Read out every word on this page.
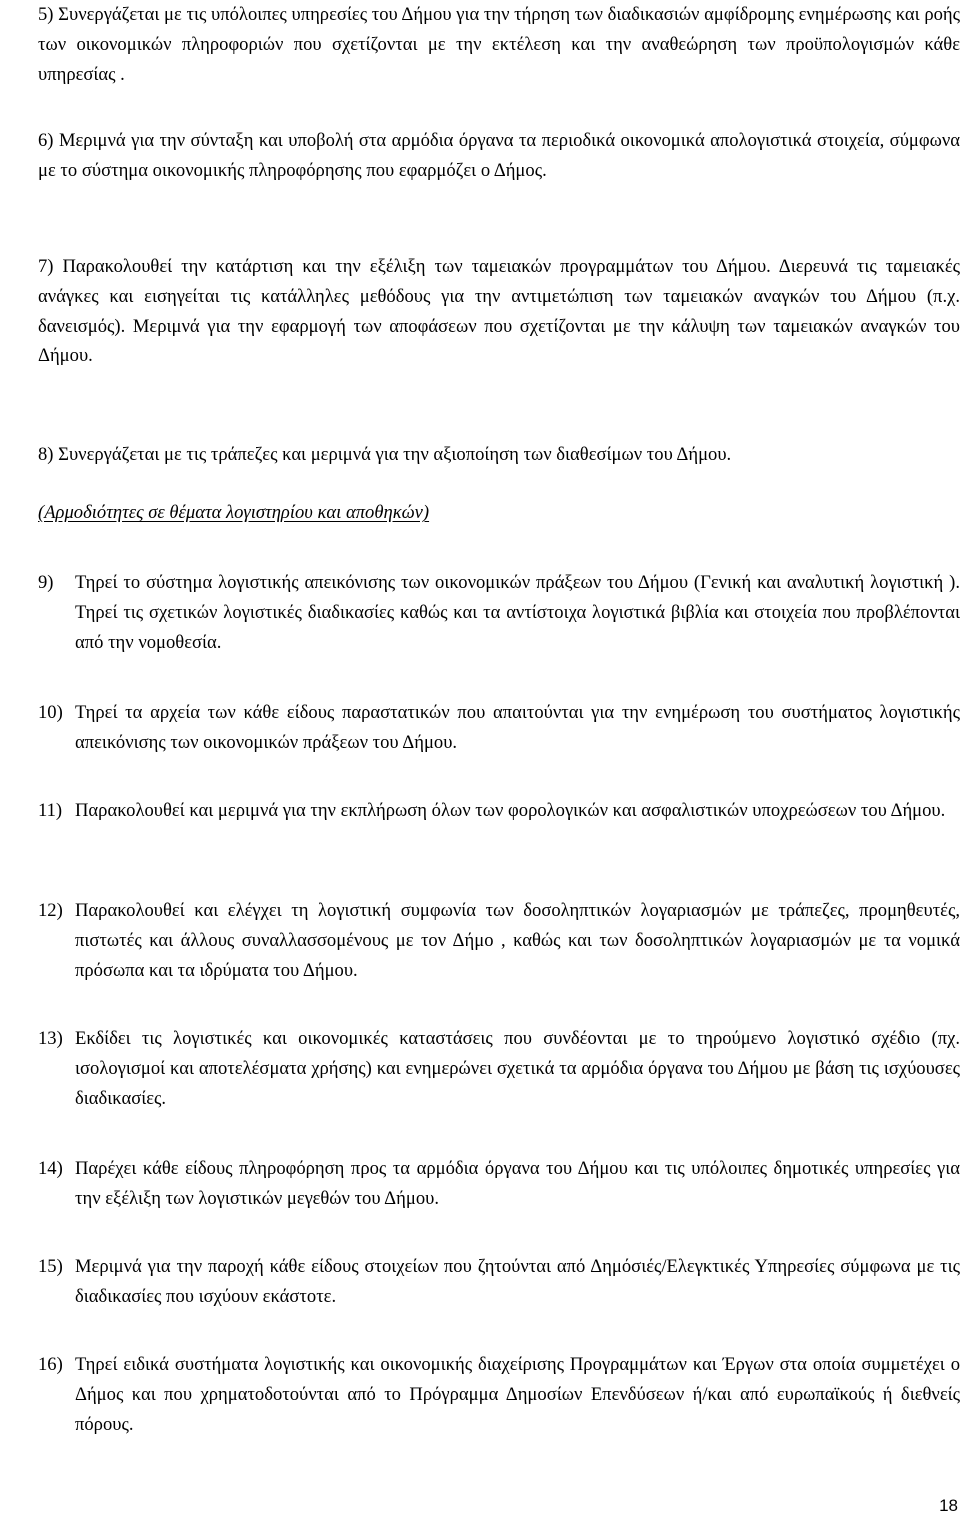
5) Συνεργάζεται με τις υπόλοιπες υπηρεσίες του Δήμου για την τήρηση των διαδικασιών αμφίδρομης ενημέρωσης και ροής των οικονομικών πληροφοριών που σχετίζονται με την εκτέλεση και την αναθεώρηση των προϋπολογισμών κάθε υπηρεσίας .
6) Μεριμνά για την σύνταξη και υποβολή στα αρμόδια όργανα τα περιοδικά οικονομικά απολογιστικά στοιχεία, σύμφωνα με το σύστημα οικονομικής πληροφόρησης που εφαρμόζει ο Δήμος.
7) Παρακολουθεί την κατάρτιση και την εξέλιξη των ταμειακών προγραμμάτων του Δήμου. Διερευνά τις ταμειακές ανάγκες και εισηγείται τις κατάλληλες μεθόδους για την αντιμετώπιση των ταμειακών αναγκών του Δήμου (π.χ. δανεισμός). Μεριμνά για την εφαρμογή των αποφάσεων που σχετίζονται με την κάλυψη των ταμειακών αναγκών του Δήμου.
8) Συνεργάζεται με τις τράπεζες και μεριμνά για την αξιοποίηση των διαθεσίμων του Δήμου.
(Αρμοδιότητες σε θέματα λογιστηρίου και αποθηκών)
9)	Τηρεί το σύστημα λογιστικής απεικόνισης των οικονομικών πράξεων του Δήμου (Γενική και αναλυτική λογιστική ). Τηρεί τις σχετικών λογιστικές διαδικασίες καθώς και τα αντίστοιχα λογιστικά βιβλία και στοιχεία που προβλέπονται από την νομοθεσία.
10) Τηρεί τα αρχεία των κάθε είδους παραστατικών που απαιτούνται για την ενημέρωση του συστήματος λογιστικής απεικόνισης των οικονομικών πράξεων του Δήμου.
11) Παρακολουθεί και μεριμνά για την εκπλήρωση όλων των φορολογικών και ασφαλιστικών υποχρεώσεων του Δήμου.
12) Παρακολουθεί και ελέγχει τη λογιστική συμφωνία των δοσοληπτικών λογαριασμών με τράπεζες, προμηθευτές, πιστωτές και άλλους συναλλασσομένους με τον Δήμο , καθώς και των δοσοληπτικών λογαριασμών με τα νομικά πρόσωπα και τα ιδρύματα του Δήμου.
13) Εκδίδει τις λογιστικές και οικονομικές καταστάσεις που συνδέονται με το τηρούμενο λογιστικό σχέδιο (πχ. ισολογισμοί και αποτελέσματα χρήσης) και ενημερώνει σχετικά τα αρμόδια όργανα του Δήμου με βάση τις ισχύουσες διαδικασίες.
14) Παρέχει κάθε είδους πληροφόρηση προς τα αρμόδια όργανα του Δήμου και τις υπόλοιπες δημοτικές υπηρεσίες για την εξέλιξη των λογιστικών μεγεθών του Δήμου.
15) Μεριμνά για την παροχή κάθε είδους στοιχείων που ζητούνται από Δημόσιές/Ελεγκτικές Υπηρεσίες σύμφωνα με τις διαδικασίες που ισχύουν εκάστοτε.
16) Τηρεί ειδικά συστήματα λογιστικής και οικονομικής διαχείρισης Προγραμμάτων και Έργων στα οποία συμμετέχει ο Δήμος και που χρηματοδοτούνται από το Πρόγραμμα Δημοσίων Επενδύσεων ή/και από ευρωπαϊκούς ή διεθνείς πόρους.
18
